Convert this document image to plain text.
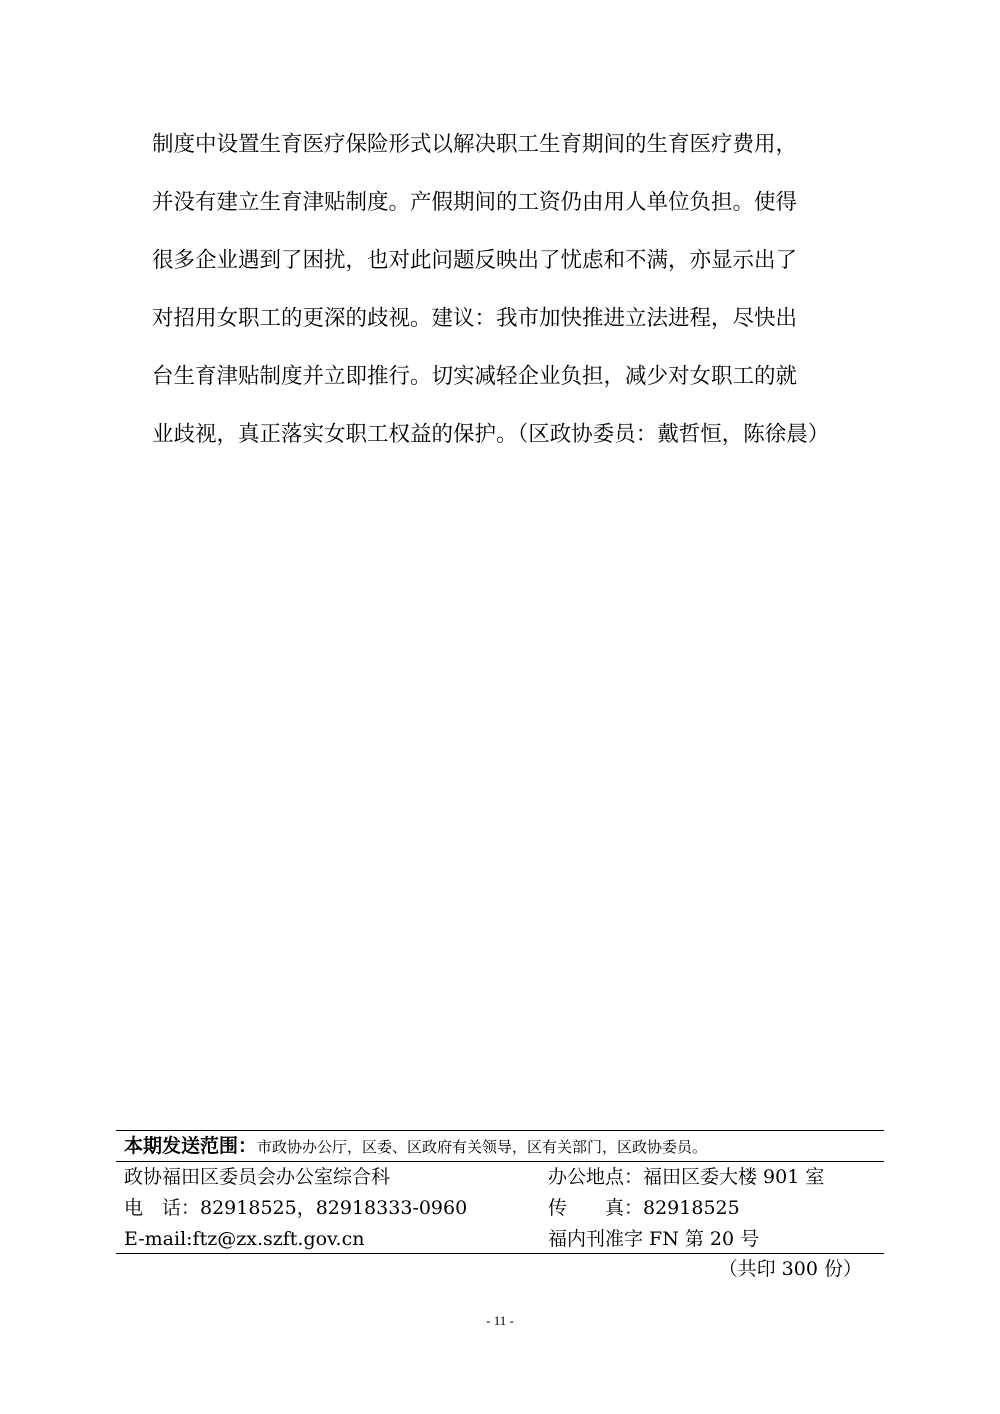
制度中设置生育医疗保险形式以解决职工生育期间的生育医疗费用，
并没有建立生育津贴制度。产假期间的工资仍由用人单位负担。使得
很多企业遇到了困扰，也对此问题反映出了忧虑和不满，亦显示出了
对招用女职工的更深的歧视。建议：我市加快推进立法进程，尽快出
台生育津贴制度并立即推行。切实减轻企业负担，减少对女职工的就
业歧视，真正落实女职工权益的保护。（区政协委员：戴哲恒，陈徐晨）
本期发送范围：市政协办公厅，区委、区政府有关领导，区有关部门，区政协委员。
政协福田区委员会办公室综合科	办公地点：福田区委大楼 901 室
电　话：82918525，82918333-0960	传　　真：82918525
E-mail:ftz@zx.szft.gov.cn	福内刊准字 FN 第 20 号
（共印 300 份）
- 11 -
